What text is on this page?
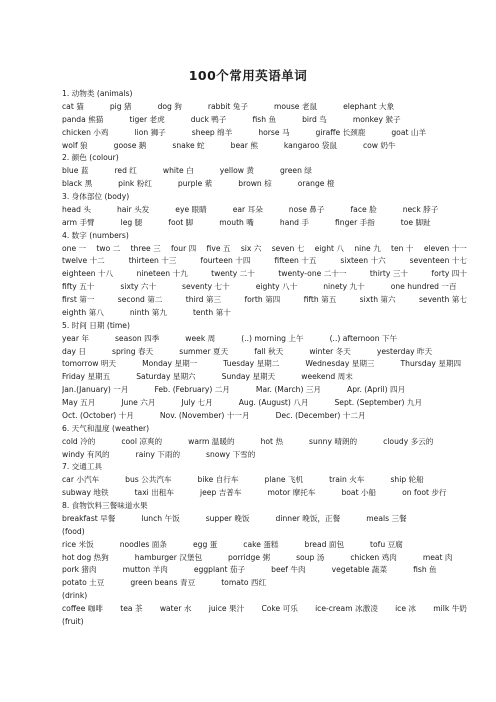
100个常用英语单词
1. 动物类 (animals)
cat 猫	pig 猪	dog 狗	rabbit 兔子	mouse 老鼠	elephant 大象
panda 熊猫	tiger 老虎	duck 鸭子	fish 鱼	bird 鸟	monkey 猴子
chicken 小鸡	lion 狮子	sheep 绵羊	horse 马	giraffe 长颈鹿	goat 山羊
wolf 狼	goose 鹅	snake 蛇	bear 熊	kangaroo 袋鼠	cow 奶牛
2. 颜色 (colour)
blue 蓝	red 红	white 白	yellow 黄	green 绿
black 黑	pink 粉红	purple 紫	brown 棕	orange 橙
3. 身体部位 (body)
head 头	hair 头发	eye 眼睛	ear 耳朵	nose 鼻子	face 脸	neck 脖子
arm 手臂	leg 腿	foot 脚	mouth 嘴	hand 手	finger 手指	toe 脚趾
4. 数字 (numbers)
one 一 two 二 three 三 four 四 five 五 six 六 seven 七 eight 八 nine 九 ten 十 eleven 十一
twelve 十二	thirteen 十三	fourteen 十四	fifteen 十五	sixteen 十六	seventeen 十七
eighteen 十八	nineteen 十九	twenty 二十	twenty-one 二十一	thirty 三十	forty 四十
fifty 五十	sixty 六十	seventy 七十	eighty 八十	ninety 九十	one hundred 一百
first 第一	second 第二	third 第三	forth 第四	fifth 第五	sixth 第六	seventh 第七
eighth 第八	ninth 第九	tenth 第十
5. 时间 日期 (time)
year 年	season 四季	week 周	(..) morning 上午	(..) afternoon 下午
day 日	spring 春天	summer 夏天	fall 秋天	winter 冬天	yesterday 昨天
tomorrow 明天	Monday 星期一	Tuesday 星期二	Wednesday 星期三	Thursday 星期四
Friday 星期五	Saturday 星期六	Sunday 星期天	weekend 周末
Jan.(January) 一月	Feb. (February) 二月	Mar. (March) 三月	Apr. (April) 四月
May 五月	June 六月	July 七月	Aug. (August) 八月	Sept. (September) 九月
Oct. (October) 十月	Nov. (November) 十一月	Dec. (December) 十二月
6. 天气和温度 (weather)
cold 冷的	cool 凉爽的	warm 温暖的	hot 热	sunny 晴朗的	cloudy 多云的
windy 有风的	rainy 下雨的	snowy 下雪的
7. 交通工具
car 小汽车	bus 公共汽车	bike 自行车	plane 飞机	train 火车	ship 轮船
subway 地铁	taxi 出租车	jeep 吉普车	motor 摩托车	boat 小船	on foot 步行
8. 食物饮料三餐味道水果
breakfast 早餐	lunch 午饭	supper 晚饭	dinner 晚饭，正餐	meals 三餐
(food)
rice 米饭	noodles 面条	egg 蛋	cake 蛋糕	bread 面包	tofu 豆腐
hot dog 热狗	hamburger 汉堡包	porridge 粥	soup 汤	chicken 鸡肉	meat 肉
pork 猪肉	mutton 羊肉	eggplant 茄子	beef 牛肉	vegetable 蔬菜	fish 鱼
potato 土豆	green beans 青豆	tomato 西红
(drink)
coffee 咖啡 tea 茶 water 水 juice 果汁 Coke 可乐 ice-cream 冰激凌 ice 冰 milk 牛奶
(fruit)
